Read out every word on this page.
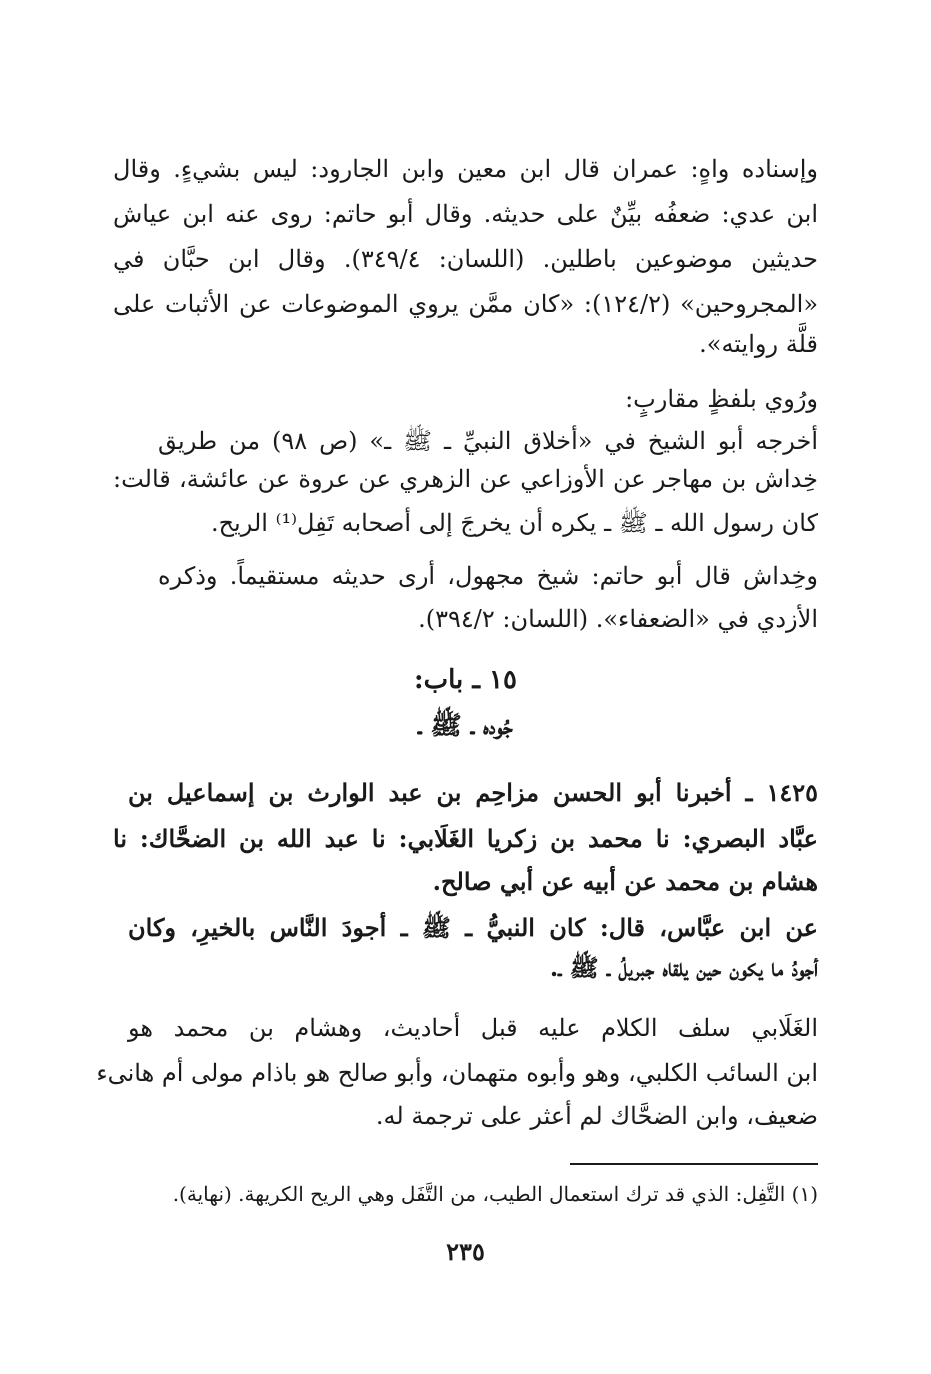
وإسناده واهٍ: عمران قال ابن معين وابن الجارود: ليس بشيءٍ. وقال
ابن عدي: ضعفُه بيِّنٌ على حديثه. وقال أبو حاتم: روى عنه ابن عياش
حديثين موضوعين باطلين. (اللسان: ٣٤٩/٤). وقال ابن حبَّان في
«المجروحين» (١٢٤/٢): «كان ممَّن يروي الموضوعات عن الأثبات على
قلَّة روايته».
ورُوي بلفظٍ مقاربٍ:
أخرجه أبو الشيخ في «أخلاق النبيِّ ـ ﷺ ـ» (ص ٩٨) من طريق
خِداش بن مهاجر عن الأوزاعي عن الزهري عن عروة عن عائشة، قالت:
كان رسول الله ـ ﷺ ـ يكره أن يخرجَ إلى أصحابه تَفِل⁽¹⁾ الريح.
وخِداش قال أبو حاتم: شيخ مجهول، أرى حديثه مستقيماً. وذكره
الأزدي في «الضعفاء». (اللسان: ٣٩٤/٢).
١٥ ـ باب:
جُوده ـ ﷺ ـ
١٤٢٥ ـ أخبرنا أبو الحسن مزاحِم بن عبد الوارث بن إسماعيل بن
عبَّاد البصري: نا محمد بن زكريا الغَلَابي: نا عبد الله بن الضحَّاك: نا
هشام بن محمد عن أبيه عن أبي صالح.
عن ابن عبَّاس، قال: كان النبيُّ ـ ﷺ ـ أجودَ النَّاس بالخيرِ، وكان
أجودُ ما يكون حين يلقاه جبريلُ ـ ﷺ ـ.
الغَلَابي سلف الكلام عليه قبل أحاديث، وهشام بن محمد هو
ابن السائب الكلبي، وهو وأبوه متهمان، وأبو صالح هو باذام مولى أم هانىء
ضعيف، وابن الضحَّاك لم أعثر على ترجمة له.
(١) التَّفِل: الذي قد ترك استعمال الطيب، من التَّفَل وهي الريح الكريهة. (نهاية).
٢٣٥
